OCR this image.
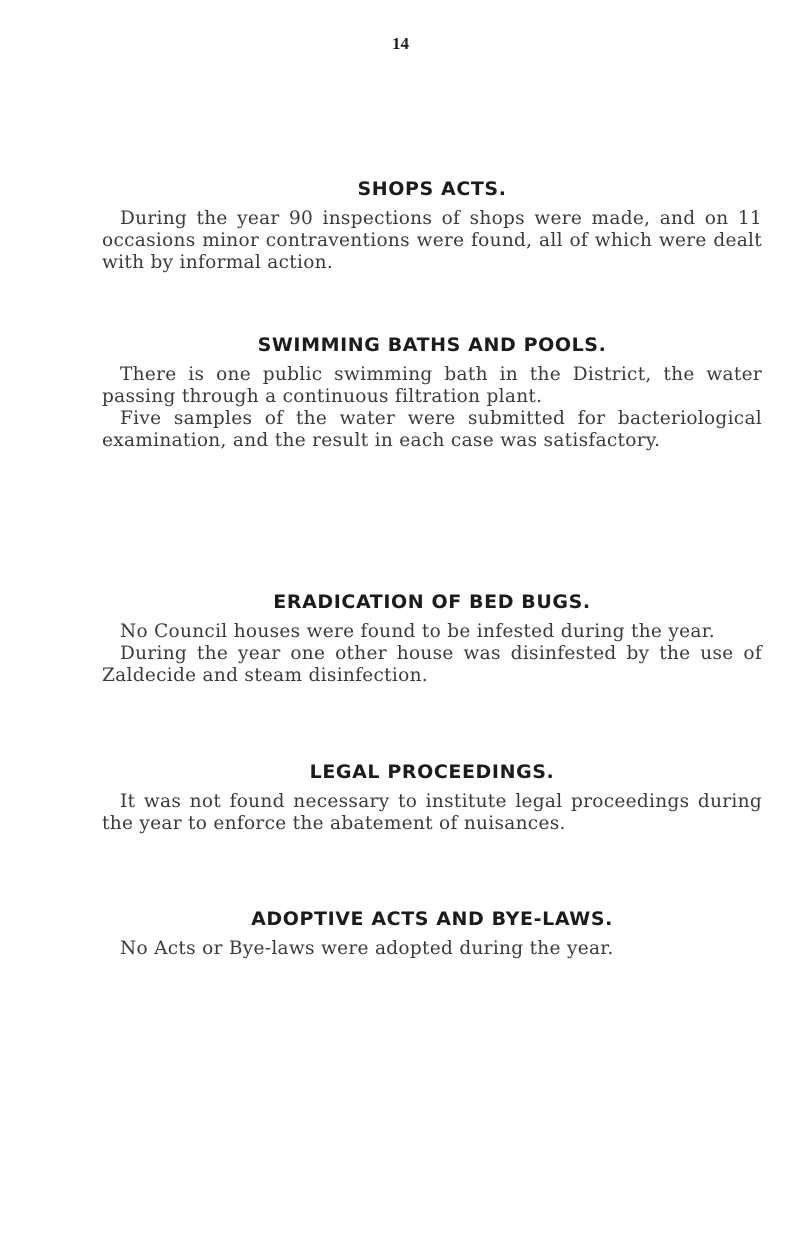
14
SHOPS ACTS.

During the year 90 inspections of shops were made, and on 11 occasions minor contraventions were found, all of which were dealt with by informal action.

SWIMMING BATHS AND POOLS.

There is one public swimming bath in the District, the water passing through a continuous filtration plant.

Five samples of the water were submitted for bacteriological examination, and the result in each case was satisfactory.

ERADICATION OF BED BUGS.

No Council houses were found to be infested during the year.

During the year one other house was disinfested by the use of Zaldecide and steam disinfection.

LEGAL PROCEEDINGS.

It was not found necessary to institute legal proceedings during the year to enforce the abatement of nuisances.

ADOPTIVE ACTS AND BYE-LAWS.

No Acts or Bye-laws were adopted during the year.
